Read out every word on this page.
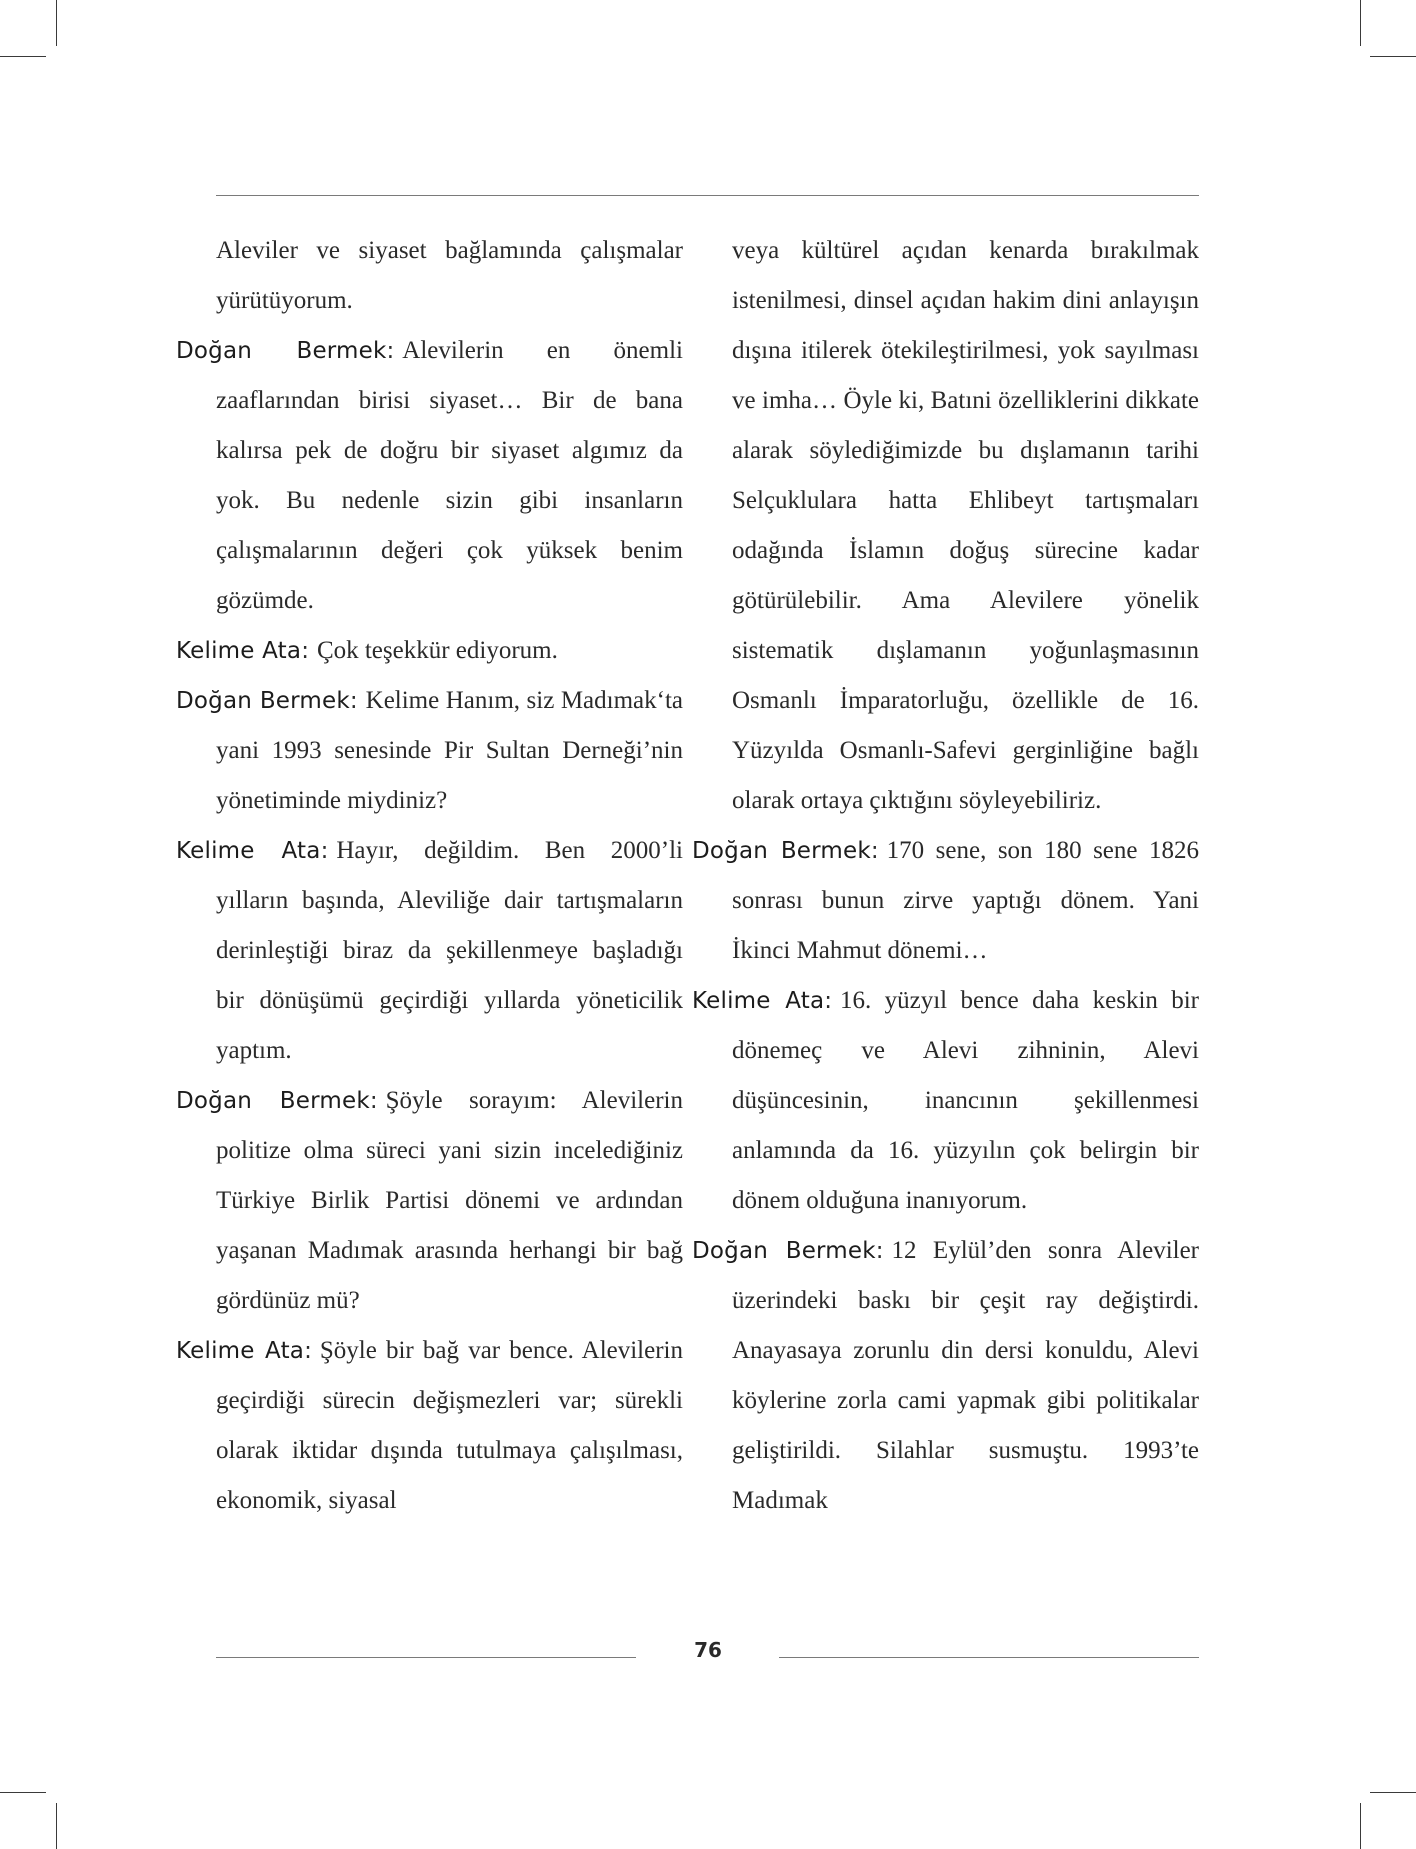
Aleviler ve siyaset bağlamında çalışmalar yürütüyorum.

Doğan Bermek: Alevilerin en önemli zaaflarından birisi siyaset… Bir de bana kalırsa pek de doğru bir siyaset algımız da yok. Bu nedenle sizin gibi insanların çalışmalarının değeri çok yüksek benim gözümde.

Kelime Ata: Çok teşekkür ediyorum.

Doğan Bermek: Kelime Hanım, siz Madımak‘ta yani 1993 senesinde Pir Sultan Derneği’nin yönetiminde miydiniz?

Kelime Ata: Hayır, değildim. Ben 2000’li yılların başında, Aleviliğe dair tartışmaların derinleştiği biraz da şekillenmeye başladığı bir dönüşümü geçirdiği yıllarda yöneticilik yaptım.

Doğan Bermek: Şöyle sorayım: Alevilerin politize olma süreci yani sizin incelediğiniz Türkiye Birlik Partisi dönemi ve ardından yaşanan Madımak arasında herhangi bir bağ gördünüz mü?

Kelime Ata: Şöyle bir bağ var bence. Alevilerin geçirdiği sürecin değişmezleri var; sürekli olarak iktidar dışında tutulmaya çalışılması, ekonomik, siyasal

veya kültürel açıdan kenarda bırakılmak istenilmesi, dinsel açıdan hakim dini anlayışın dışına itilerek ötekileştirilmesi, yok sayılması ve imha… Öyle ki, Batıni özelliklerini dikkate alarak söylediğimizde bu dışlamanın tarihi Selçuklulara hatta Ehlibeyt tartışmaları odağında İslamın doğuş sürecine kadar götürülebilir. Ama Alevilere yönelik sistematik dışlamanın yoğunlaşmasının Osmanlı İmparatorluğu, özellikle de 16. Yüzyılda Osmanlı-Safevi gerginliğine bağlı olarak ortaya çıktığını söyleyebiliriz.

Doğan Bermek: 170 sene, son 180 sene 1826 sonrası bunun zirve yaptığı dönem. Yani İkinci Mahmut dönemi…

Kelime Ata: 16. yüzyıl bence daha keskin bir dönemeç ve Alevi zihninin, Alevi düşüncesinin, inancının şekillenmesi anlamında da 16. yüzyılın çok belirgin bir dönem olduğuna inanıyorum.

Doğan Bermek: 12 Eylül’den sonra Aleviler üzerindeki baskı bir çeşit ray değiştirdi. Anayasaya zorunlu din dersi konuldu, Alevi köylerine zorla cami yapmak gibi politikalar geliştirildi. Silahlar susmuştu. 1993’te Madımak

76
